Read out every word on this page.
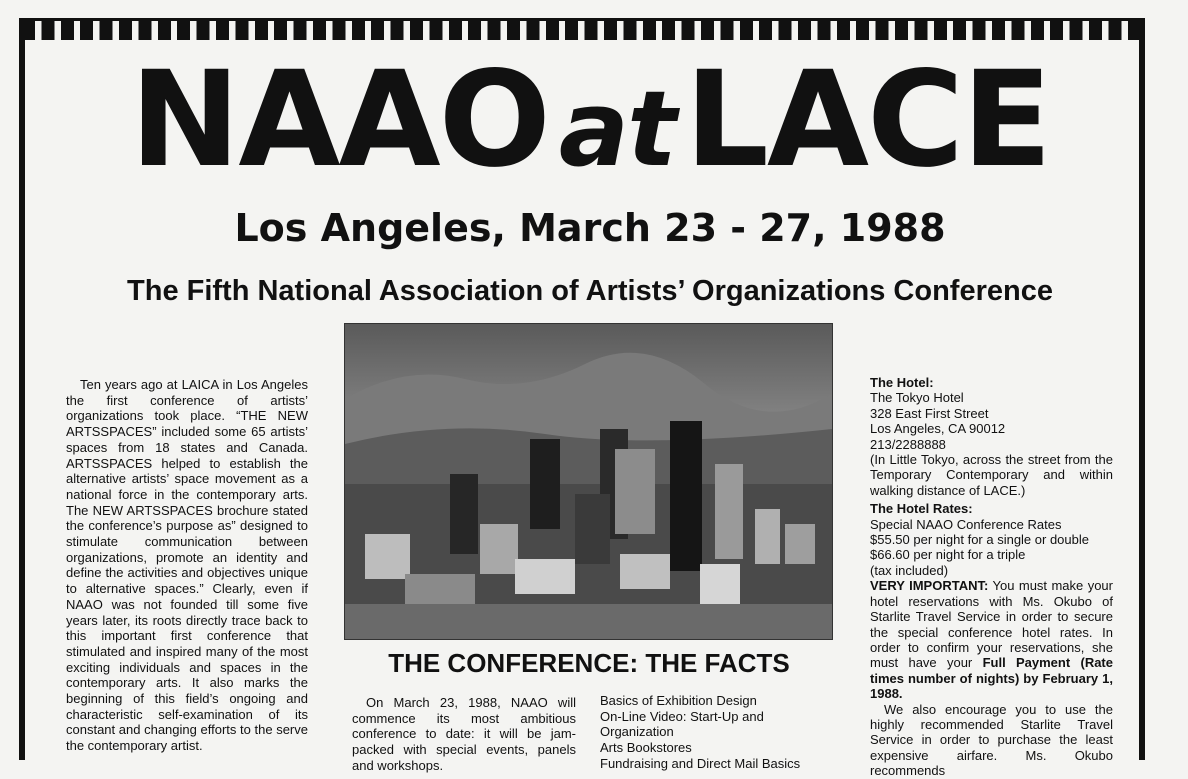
NAAOatLACE
Los Angeles, March 23 - 27, 1988
The Fifth National Association of Artists’ Organizations Conference

Ten years ago at LAICA in Los Angeles the first conference of artists’ organizations took place. “THE NEW ARTSSPACES” included some 65 artists’ spaces from 18 states and Canada. ARTSSPACES helped to establish the alternative artists’ space movement as a national force in the contemporary arts. The NEW ARTSSPACES brochure stated the conference’s purpose as” designed to stimulate communication between organizations, promote an identity and define the activities and objectives unique to alternative spaces.” Clearly, even if NAAO was not founded till some five years later, its roots directly trace back to this important first conference that stimulated and inspired many of the most exciting individuals and spaces in the contemporary arts. It also marks the beginning of this field’s ongoing and characteristic self-examination of its constant and changing efforts to the serve the contemporary artist.

THE CONFERENCE: THE FACTS

On March 23, 1988, NAAO will commence its most ambitious conference to date: it will be jam-packed with special events, panels and workshops.

Basics of Exhibition Design
On-Line Video: Start-Up and Organization
Arts Bookstores
Fundraising and Direct Mail Basics
The Hotel:
The Tokyo Hotel
328 East First Street
Los Angeles, CA 90012
213/2288888

(In Little Tokyo, across the street from the Temporary Contemporary and within walking distance of LACE.)

The Hotel Rates:
Special NAAO Conference Rates
$55.50 per night for a single or double
$66.60 per night for a triple
(tax included)

VERY IMPORTANT: You must make your hotel reservations with Ms. Okubo of Starlite Travel Service in order to secure the special conference hotel rates. In order to confirm your reservations, she must have your Full Payment (Rate times number of nights) by February 1, 1988.

We also encourage you to use the highly recommended Starlite Travel Service in order to purchase the least expensive airfare. Ms. Okubo recommends
